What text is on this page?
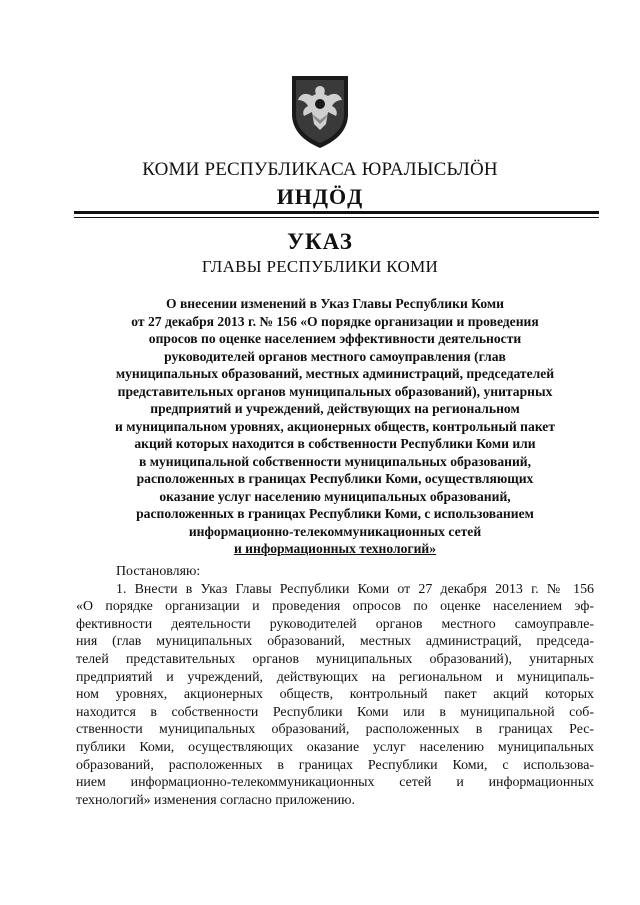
КОМИ РЕСПУБЛИКАСА ЮРАЛЫСЬЛӦН
ИНДӦД
УКАЗ
ГЛАВЫ РЕСПУБЛИКИ КОМИ
О внесении изменений в Указ Главы Республики Коми
от 27 декабря 2013 г. № 156 «О порядке организации и проведения
опросов по оценке населением эффективности деятельности
руководителей органов местного самоуправления (глав
муниципальных образований, местных администраций, председателей
представительных органов муниципальных образований), унитарных
предприятий и учреждений, действующих на региональном
и муниципальном уровнях, акционерных обществ, контрольный пакет
акций которых находится в собственности Республики Коми или
в муниципальной собственности муниципальных образований,
расположенных в границах Республики Коми, осуществляющих
оказание услуг населению муниципальных образований,
расположенных в границах Республики Коми, с использованием
информационно-телекоммуникационных сетей
и информационных технологий»
Постановляю:
1. Внести в Указ Главы Республики Коми от 27 декабря 2013 г. № 156
«О порядке организации и проведения опросов по оценке населением эф-
фективности деятельности руководителей органов местного самоуправле-
ния (глав муниципальных образований, местных администраций, председа-
телей представительных органов муниципальных образований), унитарных
предприятий и учреждений, действующих на региональном и муниципаль-
ном уровнях, акционерных обществ, контрольный пакет акций которых
находится в собственности Республики Коми или в муниципальной соб-
ственности муниципальных образований, расположенных в границах Рес-
публики Коми, осуществляющих оказание услуг населению муниципальных
образований, расположенных в границах Республики Коми, с использова-
нием информационно-телекоммуникационных сетей и информационных
технологий» изменения согласно приложению.
